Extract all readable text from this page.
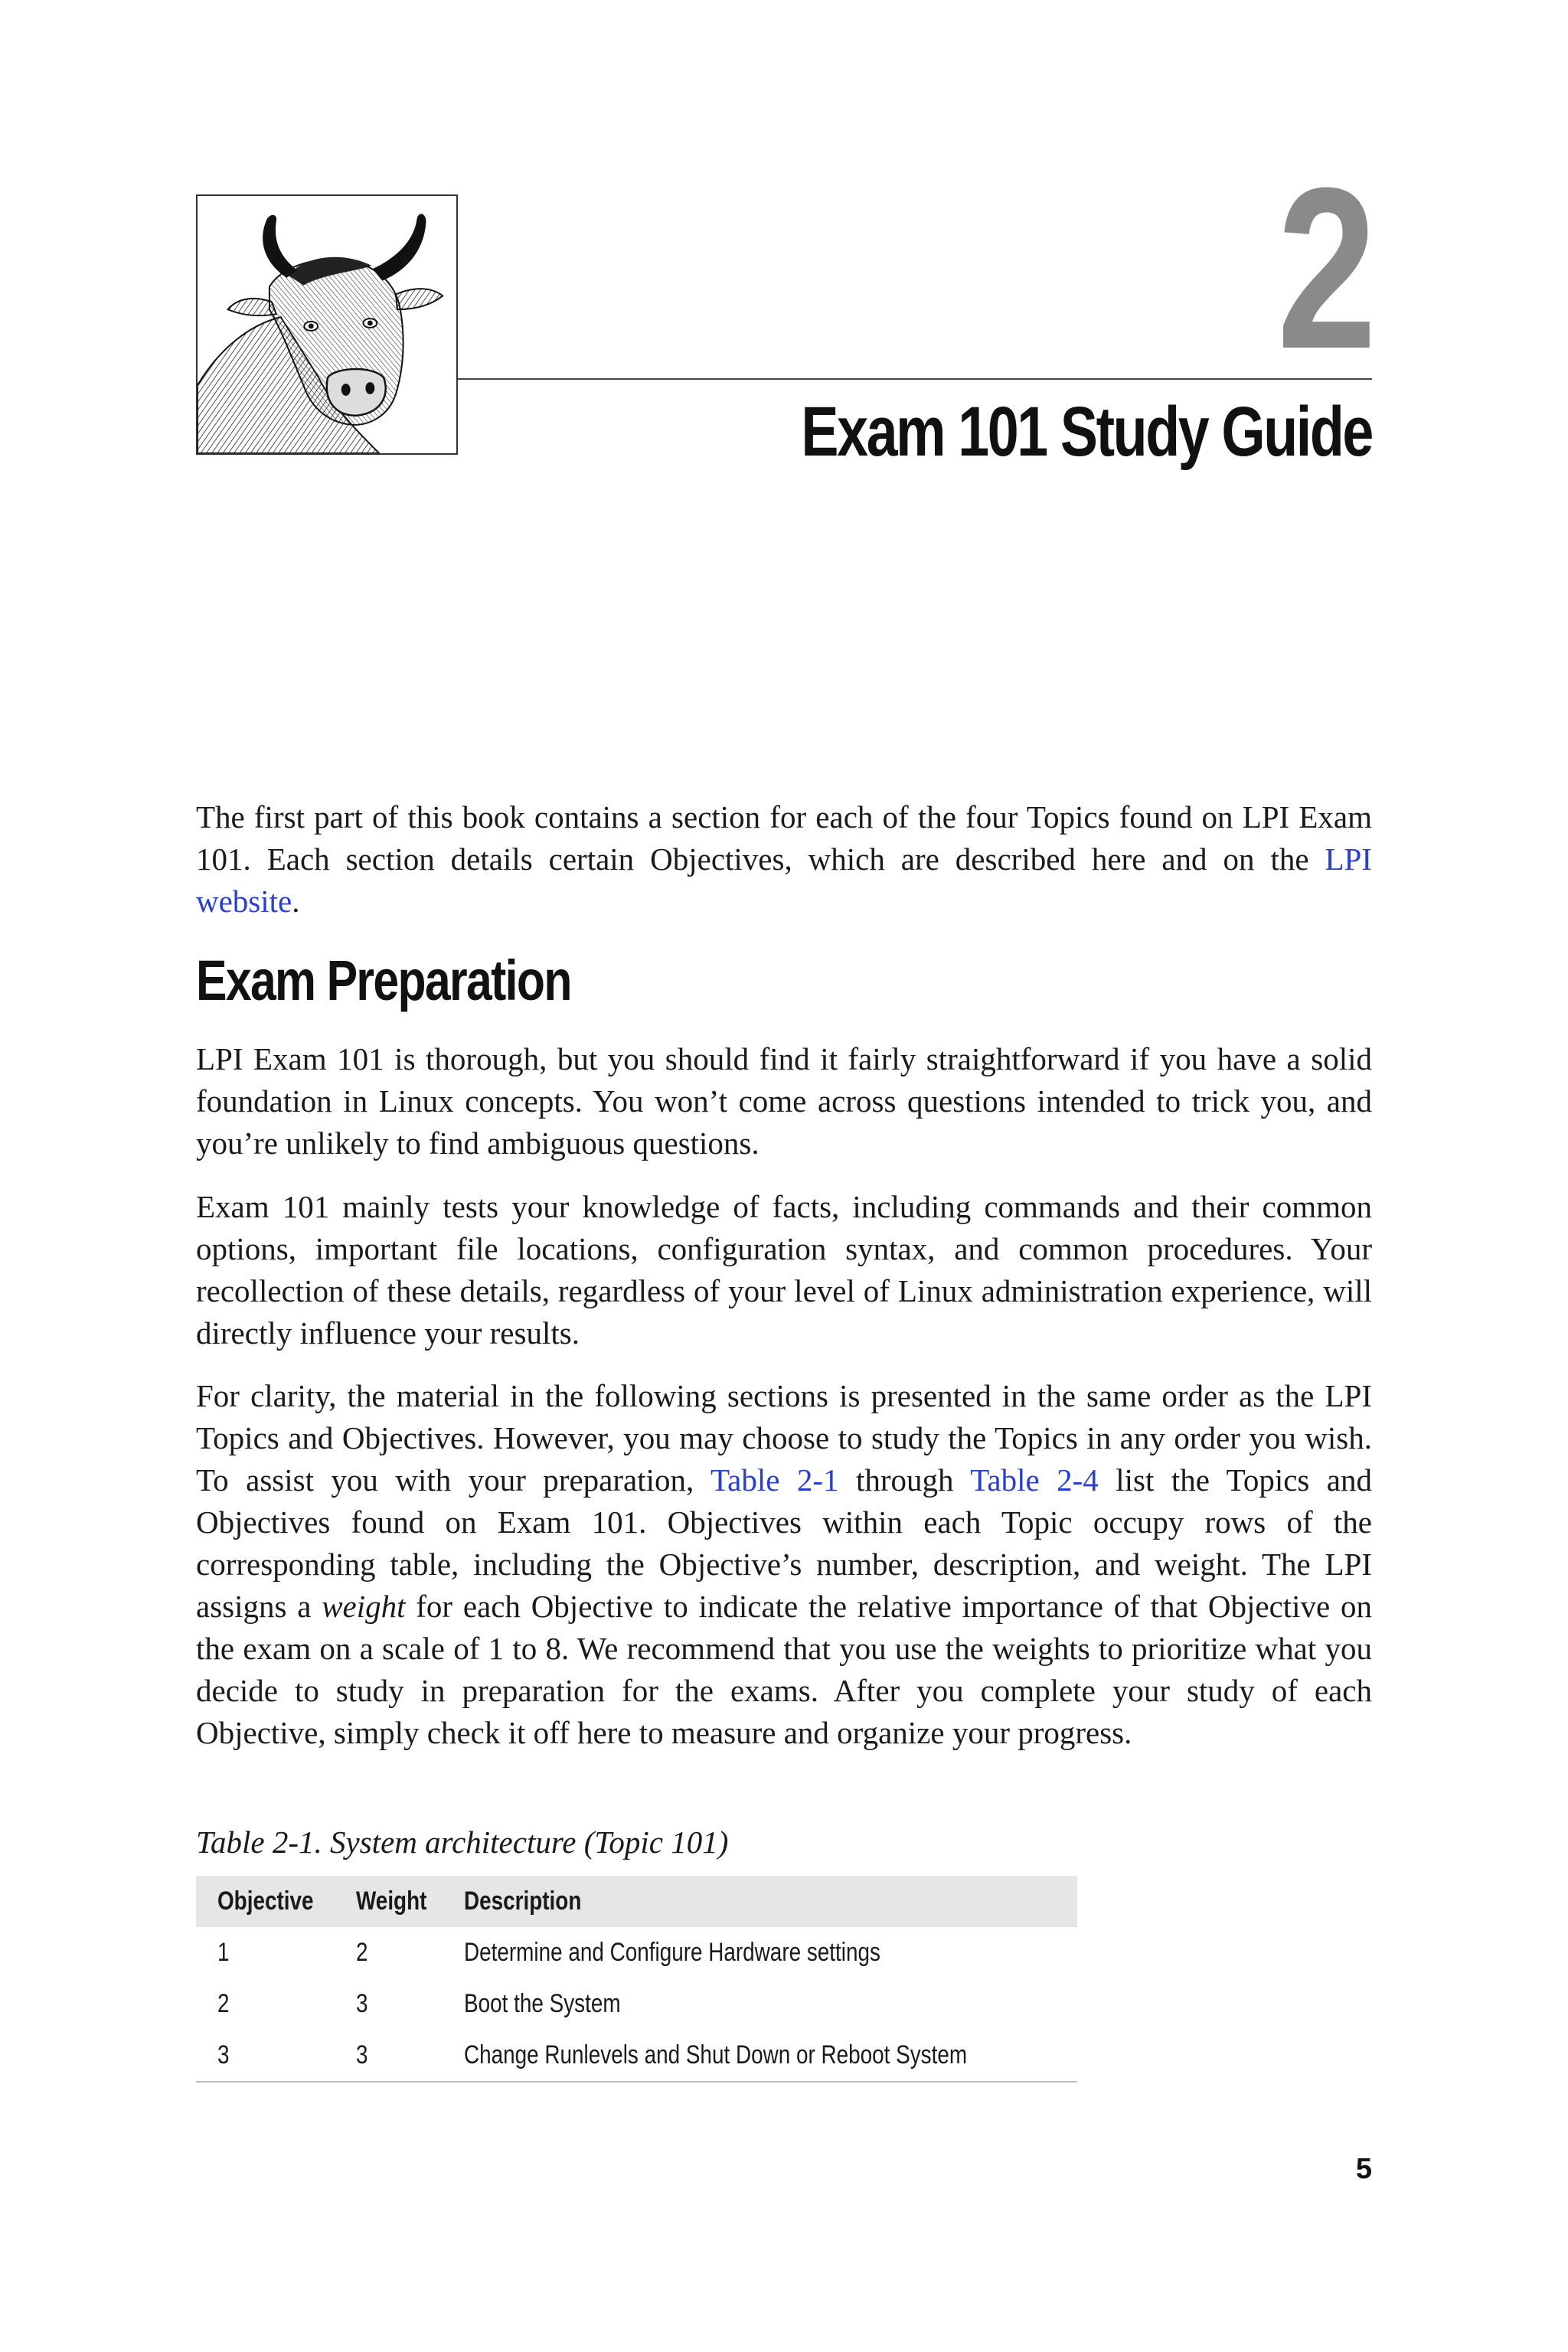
2
Exam 101 Study Guide

The first part of this book contains a section for each of the four Topics found on LPI Exam 101. Each section details certain Objectives, which are described here and on the LPI website.

Exam Preparation

LPI Exam 101 is thorough, but you should find it fairly straightforward if you have a solid foundation in Linux concepts. You won’t come across questions intended to trick you, and you’re unlikely to find ambiguous questions.

Exam 101 mainly tests your knowledge of facts, including commands and their common options, important file locations, configuration syntax, and common procedures. Your recollection of these details, regardless of your level of Linux administration experience, will directly influence your results.

For clarity, the material in the following sections is presented in the same order as the LPI Topics and Objectives. However, you may choose to study the Topics in any order you wish. To assist you with your preparation, Table 2-1 through Table 2-4 list the Topics and Objectives found on Exam 101. Objectives within each Topic occupy rows of the corresponding table, including the Objective’s number, description, and weight. The LPI assigns a weight for each Objective to indicate the relative importance of that Objective on the exam on a scale of 1 to 8. We recommend that you use the weights to prioritize what you decide to study in preparation for the exams. After you complete your study of each Objective, simply check it off here to measure and organize your progress.

Table 2-1. System architecture (Topic 101)

Objective	Weight	Description
1	2	Determine and Configure Hardware settings
2	3	Boot the System
3	3	Change Runlevels and Shut Down or Reboot System
5
